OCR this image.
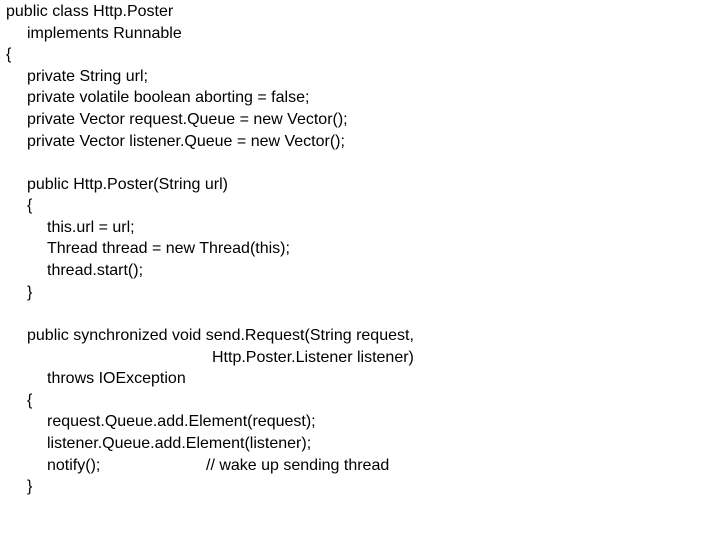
public class Http.Poster
implements Runnable
{
private String url;
private volatile boolean aborting = false;
private Vector request.Queue = new Vector();
private Vector listener.Queue = new Vector();
public Http.Poster(String url)
{
this.url = url;
Thread thread = new Thread(this);
thread.start();
}
public synchronized void send.Request(String request,
Http.Poster.Listener listener)
throws IOException
{
request.Queue.add.Element(request);
listener.Queue.add.Element(listener);
notify();	// wake up sending thread
}
